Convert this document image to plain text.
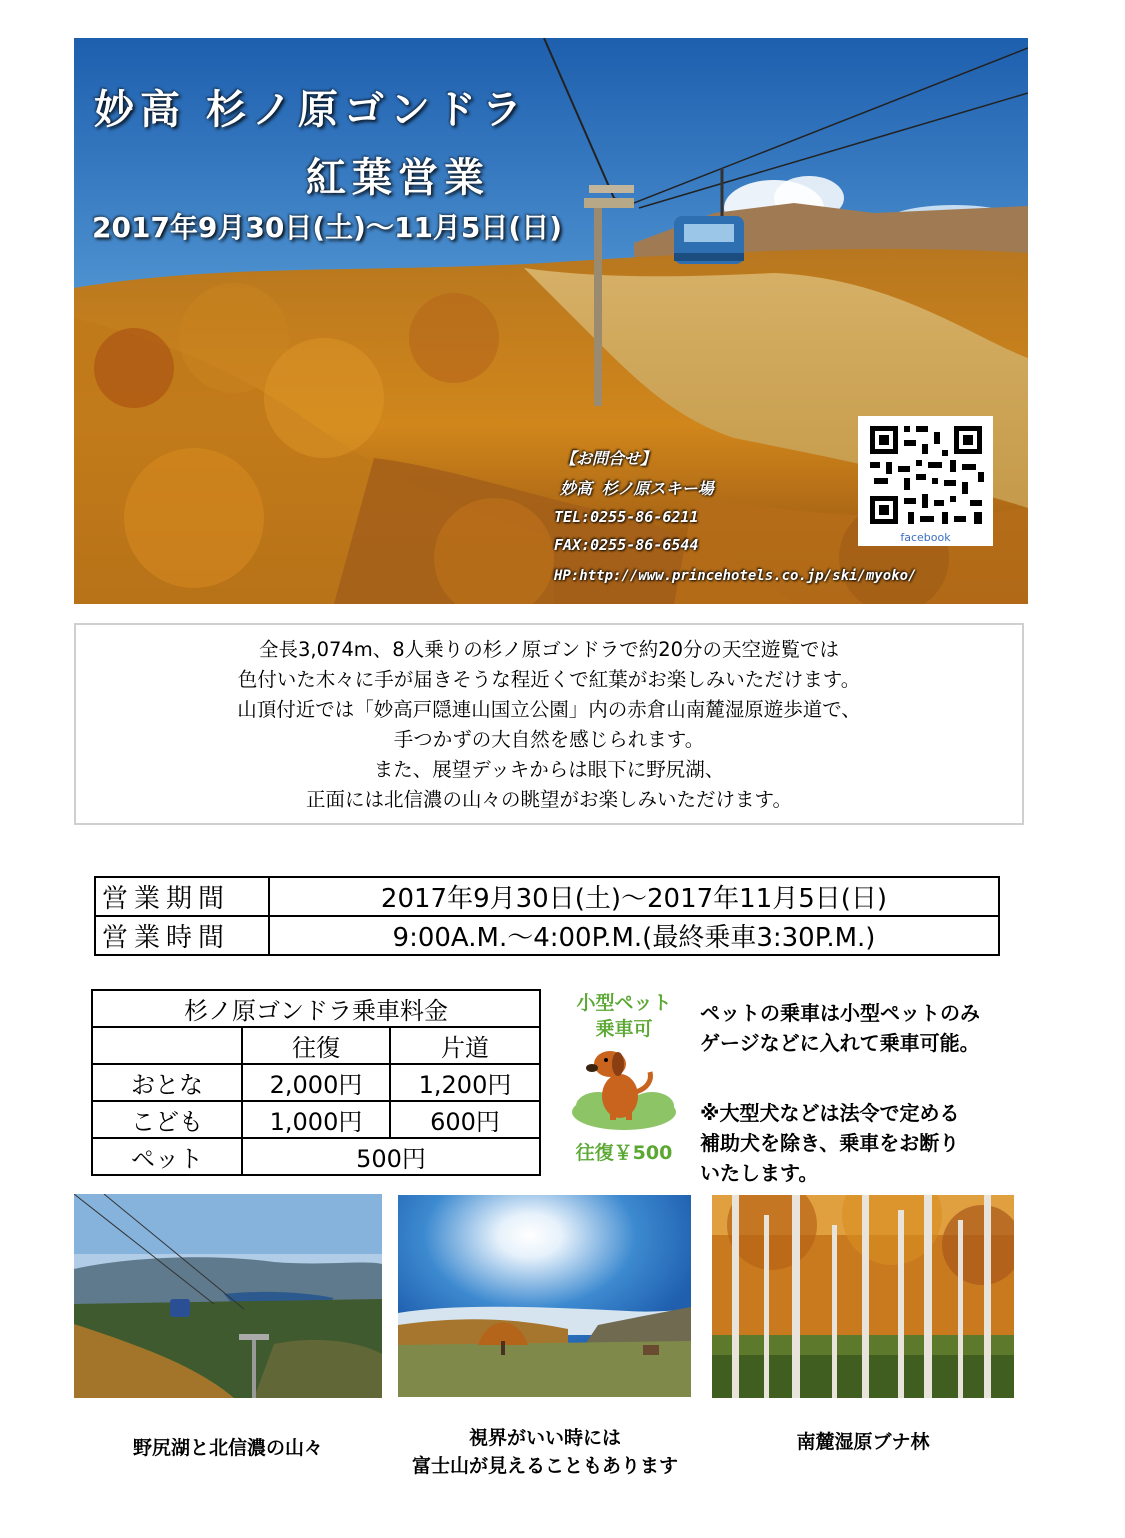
妙高 杉ノ原ゴンドラ
紅葉営業
2017年9月30日(土)～11月5日(日)
【お問合せ】
妙高 杉ノ原スキー場
TEL:0255-86-6211
FAX:0255-86-6544
HP:http://www.princehotels.co.jp/ski/myoko/
facebook
全長3,074m、8人乗りの杉ノ原ゴンドラで約20分の天空遊覧では
色付いた木々に手が届きそうな程近くで紅葉がお楽しみいただけます。
山頂付近では「妙高戸隠連山国立公園」内の赤倉山南麓湿原遊歩道で、
手つかずの大自然を感じられます。
また、展望デッキからは眼下に野尻湖、
正面には北信濃の山々の眺望がお楽しみいただけます。
営業期間	2017年9月30日(土)～2017年11月5日(日)
営業時間	9:00A.M.～4:00P.M.(最終乗車3:30P.M.)
杉ノ原ゴンドラ乗車料金		
	往復	片道
おとな	2,000円	1,200円
こども	1,000円	600円
ペット	500円	
小型ペット
乗車可
往復￥500
ペットの乗車は小型ペットのみ
ゲージなどに入れて乗車可能。
※大型犬などは法令で定める
補助犬を除き、乗車をお断り
いたします。
野尻湖と北信濃の山々	視界がいい時には
富士山が見えることもあります
南麓湿原ブナ林
